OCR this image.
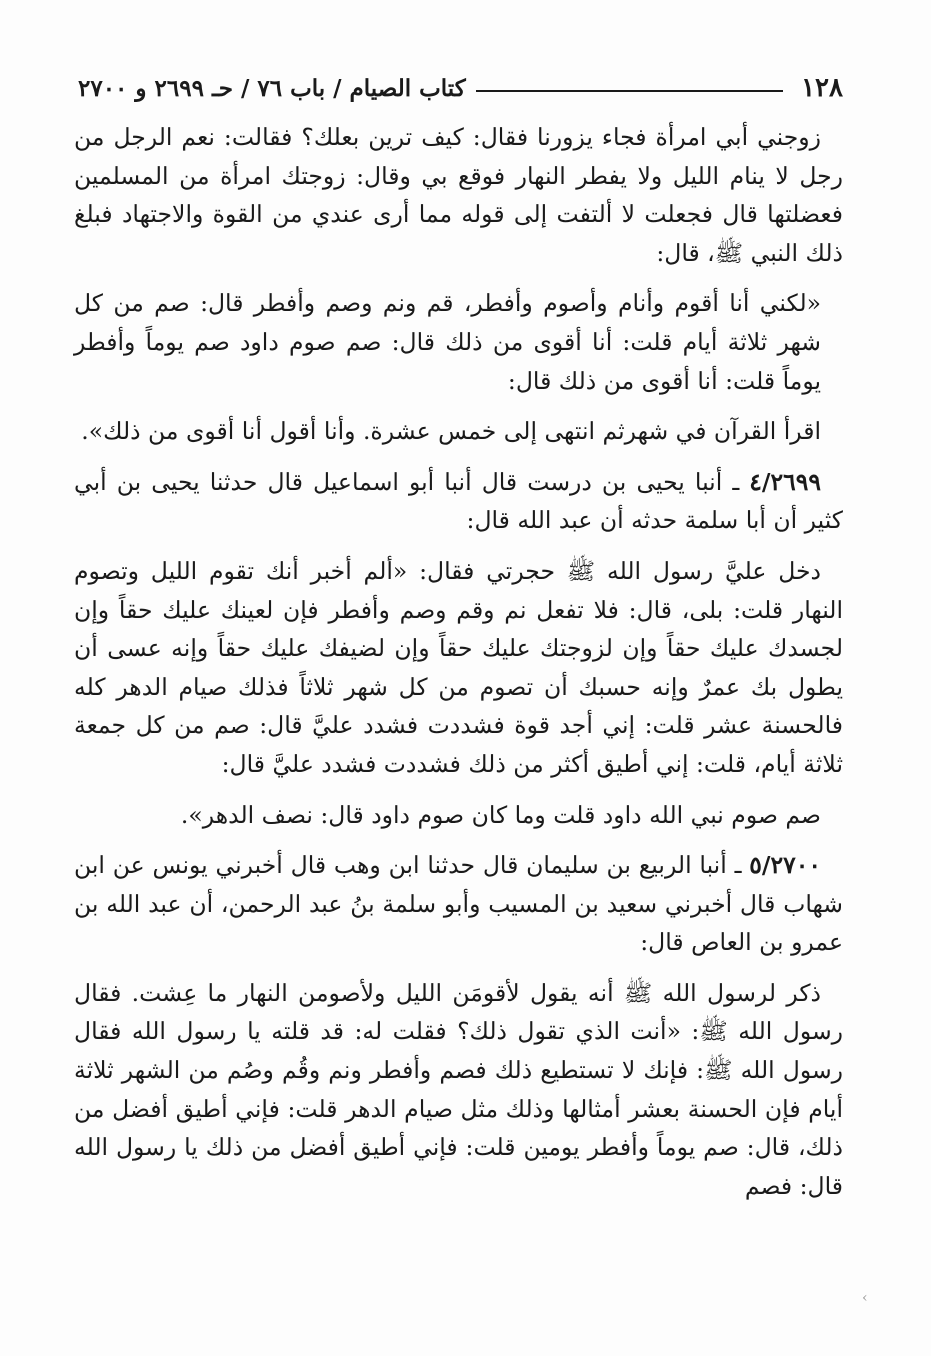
١٢٨
كتاب الصيام / باب ٧٦ / حـ ٢٦٩٩ و ٢٧٠٠

زوجني أبي امرأة فجاء يزورنا فقال: كيف ترين بعلك؟ فقالت: نعم الرجل من رجل لا ينام الليل ولا يفطر النهار فوقع بي وقال: زوجتك امرأة من المسلمين فعضلتها قال فجعلت لا ألتفت إلى قوله مما أرى عندي من القوة والاجتهاد فبلغ ذلك النبي ﷺ، قال:

«لكني أنا أقوم وأنام وأصوم وأفطر، قم ونم وصم وأفطر قال: صم من كل شهر ثلاثة أيام قلت: أنا أقوى من ذلك قال: صم صوم داود صم يوماً وأفطر يوماً قلت: أنا أقوى من ذلك قال:

اقرأ القرآن في شهرثم انتهى إلى خمس عشرة. وأنا أقول أنا أقوى من ذلك».

٤/٢٦٩٩ ـ أنبا يحيى بن درست قال أنبا أبو اسماعيل قال حدثنا يحيى بن أبي كثير أن أبا سلمة حدثه أن عبد الله قال:

دخل عليَّ رسول الله ﷺ حجرتي فقال: «ألم أخبر أنك تقوم الليل وتصوم النهار قلت: بلى، قال: فلا تفعل نم وقم وصم وأفطر فإن لعينك عليك حقاً وإن لجسدك عليك حقاً وإن لزوجتك عليك حقاً وإن لضيفك عليك حقاً وإنه عسى أن يطول بك عمرٌ وإنه حسبك أن تصوم من كل شهر ثلاثاً فذلك صيام الدهر كله فالحسنة عشر قلت: إني أجد قوة فشددت فشدد عليَّ قال: صم من كل جمعة ثلاثة أيام، قلت: إني أطيق أكثر من ذلك فشددت فشدد عليَّ قال:

صم صوم نبي الله داود قلت وما كان صوم داود قال: نصف الدهر».

٥/٢٧٠٠ ـ أنبا الربيع بن سليمان قال حدثنا ابن وهب قال أخبرني يونس عن ابن شهاب قال أخبرني سعيد بن المسيب وأبو سلمة بنُ عبد الرحمن، أن عبد الله بن عمرو بن العاص قال:

ذكر لرسول الله ﷺ أنه يقول لأقومَن الليل ولأصومن النهار ما عِشت. فقال رسول الله ﷺ: «أنت الذي تقول ذلك؟ فقلت له: قد قلته يا رسول الله فقال رسول الله ﷺ: فإنك لا تستطيع ذلك فصم وأفطر ونم وقُم وصُم من الشهر ثلاثة أيام فإن الحسنة بعشر أمثالها وذلك مثل صيام الدهر قلت: فإني أطيق أفضل من ذلك، قال: صم يوماً وأفطر يومين قلت: فإني أطيق أفضل من ذلك يا رسول الله قال: فصم

‹
